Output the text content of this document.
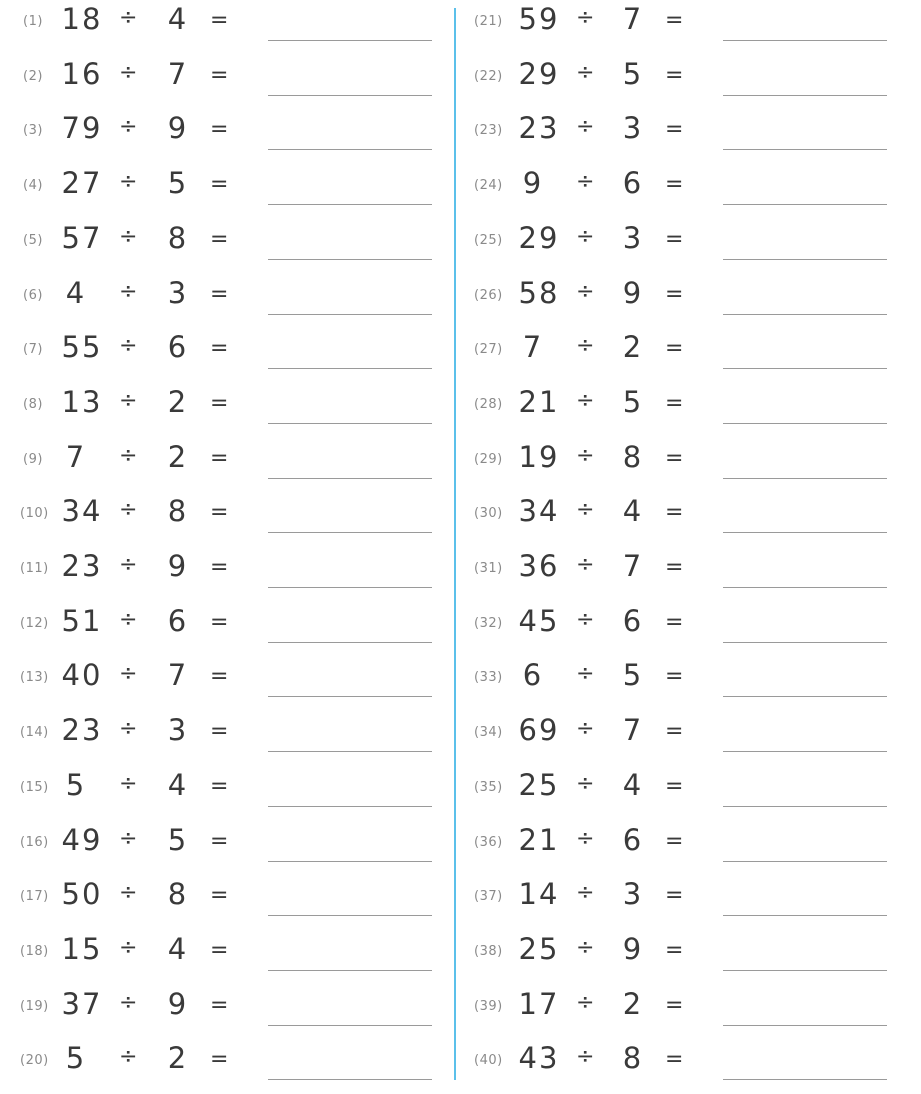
(1) 18 ÷ 4 =
(2) 16 ÷ 7 =
(3) 79 ÷ 9 =
(4) 27 ÷ 5 =
(5) 57 ÷ 8 =
(6) 4	÷ 3 =
(7) 55 ÷ 6 =
(8) 13 ÷ 2 =
(9) 7	÷ 2 =
(10) 34 ÷ 8 =
(11) 23 ÷ 9 =
(12) 51 ÷ 6 =
(13) 40 ÷ 7 =
(14) 23 ÷ 3 =
(15) 5	÷ 4 =
(16) 49 ÷ 5 =
(17) 50 ÷ 8 =
(18) 15 ÷ 4 =
(19) 37 ÷ 9 =
(20) 5	÷ 2 =
(21) 59 ÷ 7 =
(22) 29 ÷ 5 =
(23) 23 ÷ 3 =
(24) 9	÷ 6 =
(25) 29 ÷ 3 =
(26) 58 ÷ 9 =
(27) 7	÷ 2 =
(28) 21 ÷ 5 =
(29) 19 ÷ 8 =
(30) 34 ÷ 4 =
(31) 36 ÷ 7 =
(32) 45 ÷ 6 =
(33) 6	÷ 5 =
(34) 69 ÷ 7 =
(35) 25 ÷ 4 =
(36) 21 ÷ 6 =
(37) 14 ÷ 3 =
(38) 25 ÷ 9 =
(39) 17 ÷ 2 =
(40) 43 ÷ 8 =
